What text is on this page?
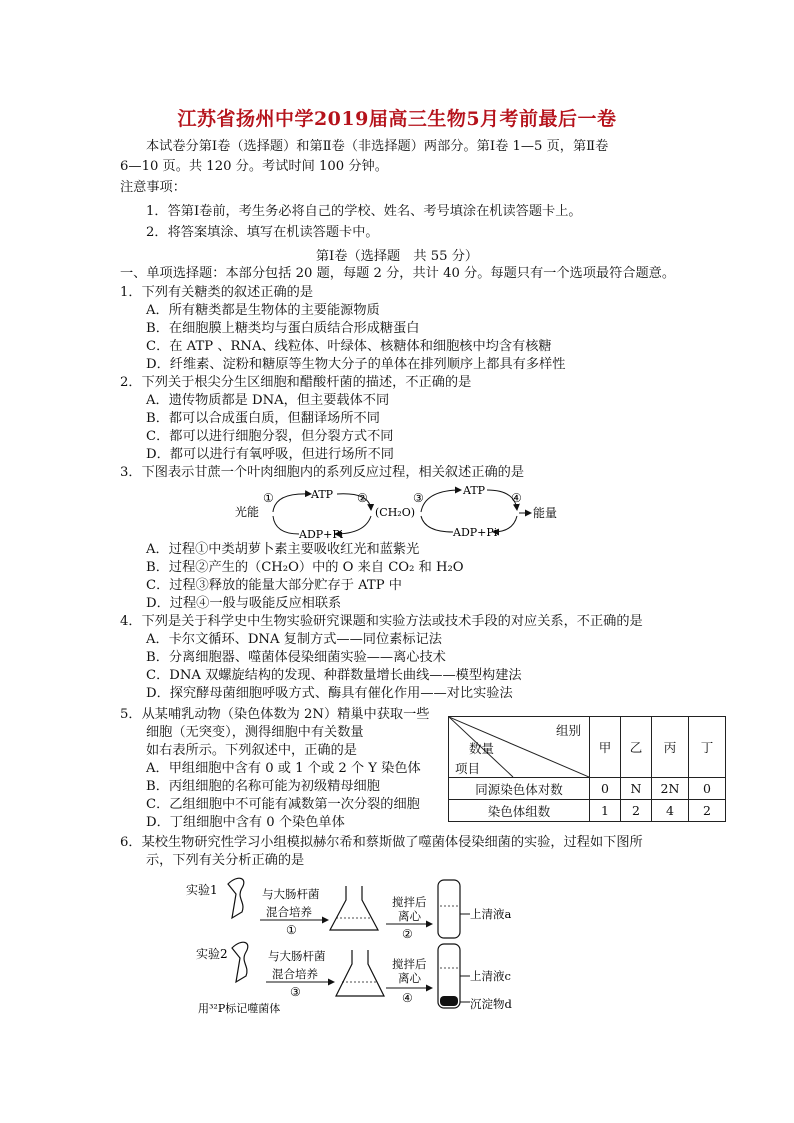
江苏省扬州中学2019届高三生物5月考前最后一卷
本试卷分第Ⅰ卷（选择题）和第Ⅱ卷（非选择题）两部分。第Ⅰ卷 1—5 页，第Ⅱ卷
6—10 页。共 120 分。考试时间 100 分钟。
注意事项：
1．答第Ⅰ卷前，考生务必将自己的学校、姓名、考号填涂在机读答题卡上。
2．将答案填涂、填写在机读答题卡中。
第Ⅰ卷（选择题　共 55 分）
一、单项选择题：本部分包括 20 题，每题 2 分，共计 40 分。每题只有一个选项最符合题意。
1．下列有关糖类的叙述正确的是
A．所有糖类都是生物体的主要能源物质
B．在细胞膜上糖类均与蛋白质结合形成糖蛋白
C．在 ATP 、RNA、线粒体、叶绿体、核糖体和细胞核中均含有核糖
D．纤维素、淀粉和糖原等生物大分子的单体在排列顺序上都具有多样性
2．下列关于根尖分生区细胞和醋酸杆菌的描述，不正确的是
A．遗传物质都是 DNA，但主要载体不同
B．都可以合成蛋白质，但翻译场所不同
C．都可以进行细胞分裂，但分裂方式不同
D．都可以进行有氧呼吸，但进行场所不同
3．下图表示甘蔗一个叶肉细胞内的系列反应过程，相关叙述正确的是
光能
①	ATP ②
ADP+Pi
(CH₂O)
③
ATP
④
ADP+Pi
能量
A．过程①中类胡萝卜素主要吸收红光和蓝紫光
B．过程②产生的（CH₂O）中的 O 来自 CO₂ 和 H₂O
C．过程③释放的能量大部分贮存于 ATP 中
D．过程④一般与吸能反应相联系
4．下列是关于科学史中生物实验研究课题和实验方法或技术手段的对应关系，不正确的是
A．卡尔文循环、DNA 复制方式——同位素标记法
B．分离细胞器、噬菌体侵染细菌实验——离心技术
C．DNA 双螺旋结构的发现、种群数量增长曲线——模型构建法
D．探究酵母菌细胞呼吸方式、酶具有催化作用——对比实验法
5．从某哺乳动物（染色体数为 2N）精巢中获取一些
细胞（无突变），测得细胞中有关数量
如右表所示。下列叙述中，正确的是
A．甲组细胞中含有 0 或 1 个或 2 个 Y 染色体
B．丙组细胞的名称可能为初级精母细胞
C．乙组细胞中不可能有减数第一次分裂的细胞
D．丁组细胞中含有 0 个染色单体
组别
数量
项目	甲	乙	丙	丁
同源染色体对数	0	N	2N	0
染色体组数	1	2	4	2
6．某校生物研究性学习小组模拟赫尔希和蔡斯做了噬菌体侵染细菌的实验，过程如下图所
示，下列有关分析正确的是
实验1	与大肠杆菌
混合培养
①
搅拌后
离心
②
上清液a
实验2	与大肠杆菌
混合培养
③
搅拌后
离心
④
上清液c
沉淀物d
用³²P标记噬菌体
